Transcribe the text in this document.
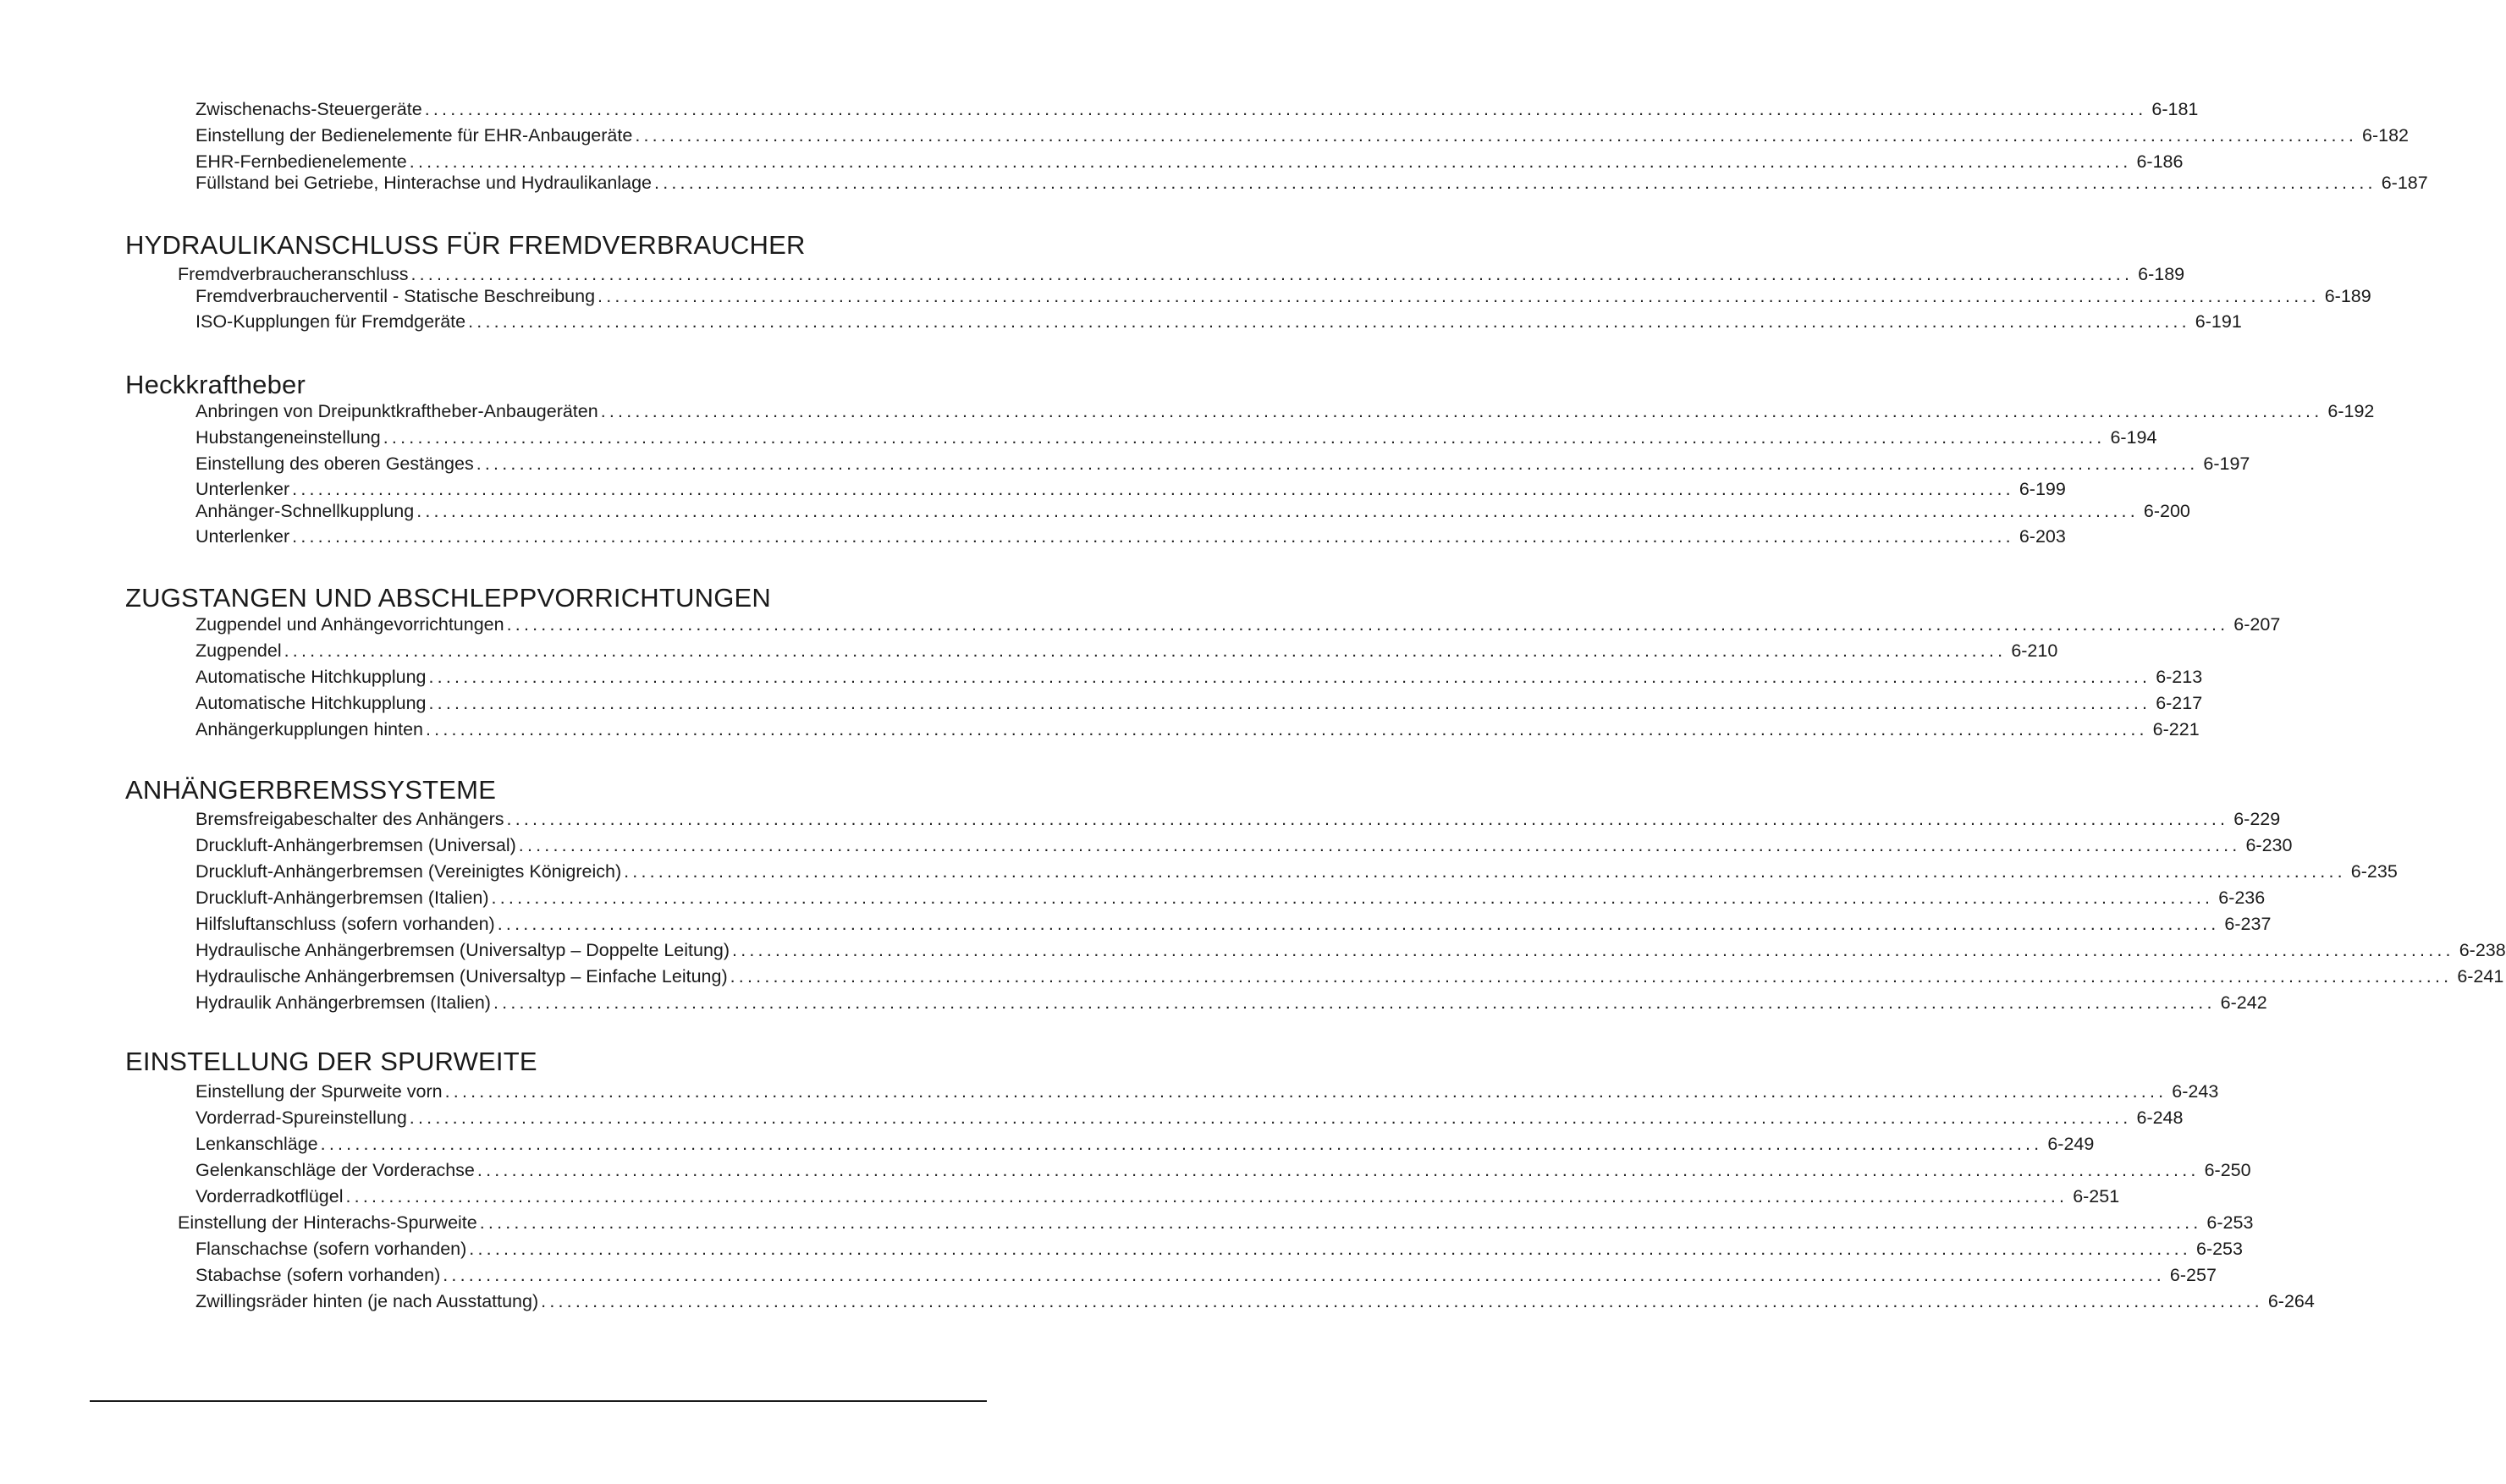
Zwischenachs-Steuergeräte ........................................................................................................................................................................................................ 6-181
Einstellung der Bedienelemente für EHR-Anbaugeräte ........................................................................................................................................................................................................ 6-182
EHR-Fernbedienelemente ........................................................................................................................................................................................................ 6-186
Füllstand bei Getriebe, Hinterachse und Hydraulikanlage ........................................................................................................................................................................................................ 6-187
HYDRAULIKANSCHLUSS FÜR FREMDVERBRAUCHER
Fremdverbraucheranschluss ........................................................................................................................................................................................................ 6-189
Fremdverbraucherventil - Statische Beschreibung ........................................................................................................................................................................................................ 6-189
ISO-Kupplungen für Fremdgeräte ........................................................................................................................................................................................................ 6-191
Heckkraftheber
Anbringen von Dreipunktkraftheber-Anbaugeräten ........................................................................................................................................................................................................ 6-192
Hubstangeneinstellung ........................................................................................................................................................................................................ 6-194
Einstellung des oberen Gestänges ........................................................................................................................................................................................................ 6-197
Unterlenker ........................................................................................................................................................................................................ 6-199
Anhänger-Schnellkupplung ........................................................................................................................................................................................................ 6-200
Unterlenker ........................................................................................................................................................................................................ 6-203
ZUGSTANGEN UND ABSCHLEPPVORRICHTUNGEN
Zugpendel und Anhängevorrichtungen ........................................................................................................................................................................................................ 6-207
Zugpendel ........................................................................................................................................................................................................ 6-210
Automatische Hitchkupplung ........................................................................................................................................................................................................ 6-213
Automatische Hitchkupplung ........................................................................................................................................................................................................ 6-217
Anhängerkupplungen hinten ........................................................................................................................................................................................................ 6-221
ANHÄNGERBREMSSYSTEME
Bremsfreigabeschalter des Anhängers ........................................................................................................................................................................................................ 6-229
Druckluft-Anhängerbremsen (Universal) ........................................................................................................................................................................................................ 6-230
Druckluft-Anhängerbremsen (Vereinigtes Königreich) ........................................................................................................................................................................................................ 6-235
Druckluft-Anhängerbremsen (Italien) ........................................................................................................................................................................................................ 6-236
Hilfsluftanschluss (sofern vorhanden) ........................................................................................................................................................................................................ 6-237
Hydraulische Anhängerbremsen (Universaltyp – Doppelte Leitung) ........................................................................................................................................................................................................ 6-238
Hydraulische Anhängerbremsen (Universaltyp – Einfache Leitung) ........................................................................................................................................................................................................ 6-241
Hydraulik Anhängerbremsen (Italien) ........................................................................................................................................................................................................ 6-242
EINSTELLUNG DER SPURWEITE
Einstellung der Spurweite vorn ........................................................................................................................................................................................................ 6-243
Vorderrad-Spureinstellung ........................................................................................................................................................................................................ 6-248
Lenkanschläge ........................................................................................................................................................................................................ 6-249
Gelenkanschläge der Vorderachse ........................................................................................................................................................................................................ 6-250
Vorderradkotflügel ........................................................................................................................................................................................................ 6-251
Einstellung der Hinterachs-Spurweite ........................................................................................................................................................................................................ 6-253
Flanschachse (sofern vorhanden) ........................................................................................................................................................................................................ 6-253
Stabachse (sofern vorhanden) ........................................................................................................................................................................................................ 6-257
Zwillingsräder hinten (je nach Ausstattung) ........................................................................................................................................................................................................ 6-264
